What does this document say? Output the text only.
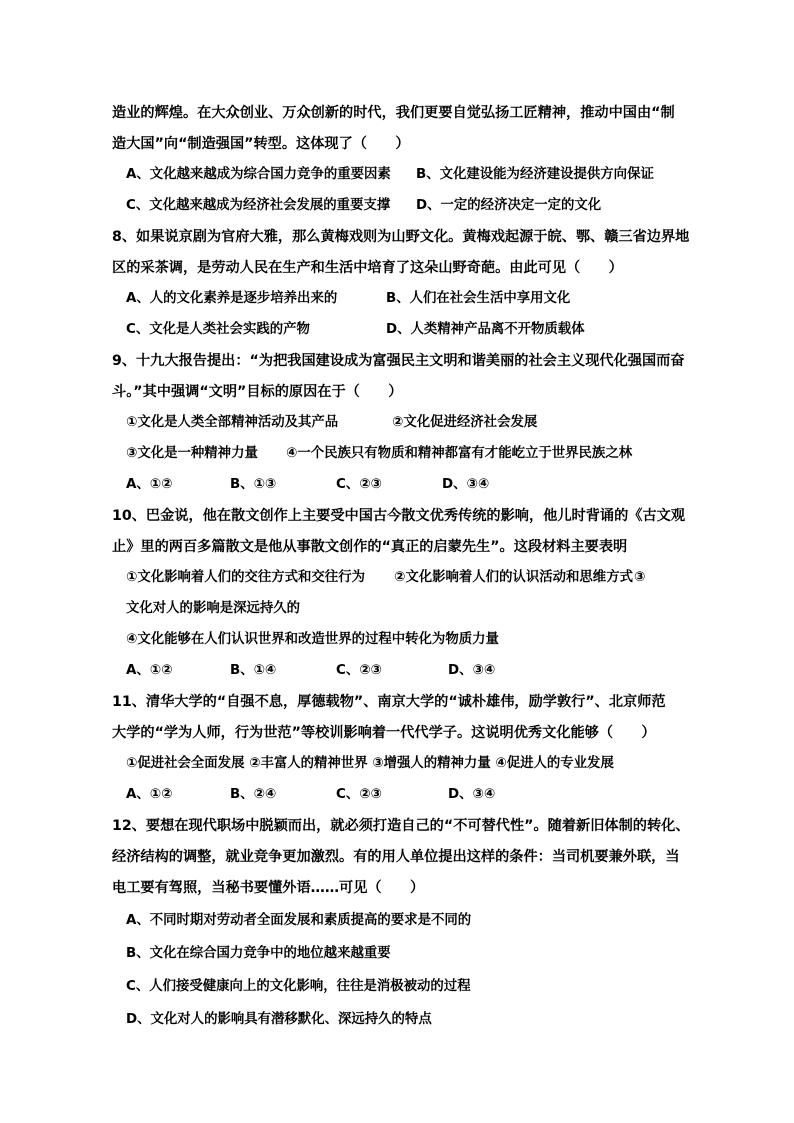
造业的辉煌。在大众创业、万众创新的时代，我们更要自觉弘扬工匠精神，推动中国由“制
造大国”向“制造强国”转型。这体现了（　　）
A、文化越来越成为综合国力竞争的重要因素 B、文化建设能为经济建设提供方向保证
C、文化越来越成为经济社会发展的重要支撑 D、一定的经济决定一定的文化
8、如果说京剧为官府大雅，那么黄梅戏则为山野文化。黄梅戏起源于皖、鄂、赣三省边界地
区的采茶调，是劳动人民在生产和生活中培育了这朵山野奇葩。由此可见（　　）
A、人的文化素养是逐步培养出来的	B、人们在社会生活中享用文化
C、文化是人类社会实践的产物	D、人类精神产品离不开物质载体
9、十九大报告提出：“为把我国建设成为富强民主文明和谐美丽的社会主义现代化强国而奋
斗。”其中强调“文明”目标的原因在于（　　）
①文化是人类全部精神活动及其产品	②文化促进经济社会发展
③文化是一种精神力量 ④一个民族只有物质和精神都富有才能屹立于世界民族之林
A、①②	B、①③	C、②③	D、③④
10、巴金说，他在散文创作上主要受中国古今散文优秀传统的影响，他儿时背诵的《古文观
止》里的两百多篇散文是他从事散文创作的“真正的启蒙先生”。这段材料主要表明
①文化影响着人们的交往方式和交往行为 ②文化影响着人们的认识活动和思维方式 ③
文化对人的影响是深远持久的
④文化能够在人们认识世界和改造世界的过程中转化为物质力量
A、①②	B、①④	C、②③	D、③④
11、清华大学的“自强不息，厚德载物”、南京大学的“诚朴雄伟，励学敦行”、北京师范
大学的“学为人师，行为世范”等校训影响着一代代学子。这说明优秀文化能够（　　）
①促进社会全面发展 ②丰富人的精神世界 ③增强人的精神力量 ④促进人的专业发展
A、①②	B、②④	C、②③	D、③④
12、要想在现代职场中脱颖而出，就必须打造自己的“不可替代性”。随着新旧体制的转化、
经济结构的调整，就业竞争更加激烈。有的用人单位提出这样的条件：当司机要兼外联，当
电工要有驾照，当秘书要懂外语……可见（　　）
A、不同时期对劳动者全面发展和素质提高的要求是不同的
B、文化在综合国力竞争中的地位越来越重要
C、人们接受健康向上的文化影响，往往是消极被动的过程
D、文化对人的影响具有潜移默化、深远持久的特点
